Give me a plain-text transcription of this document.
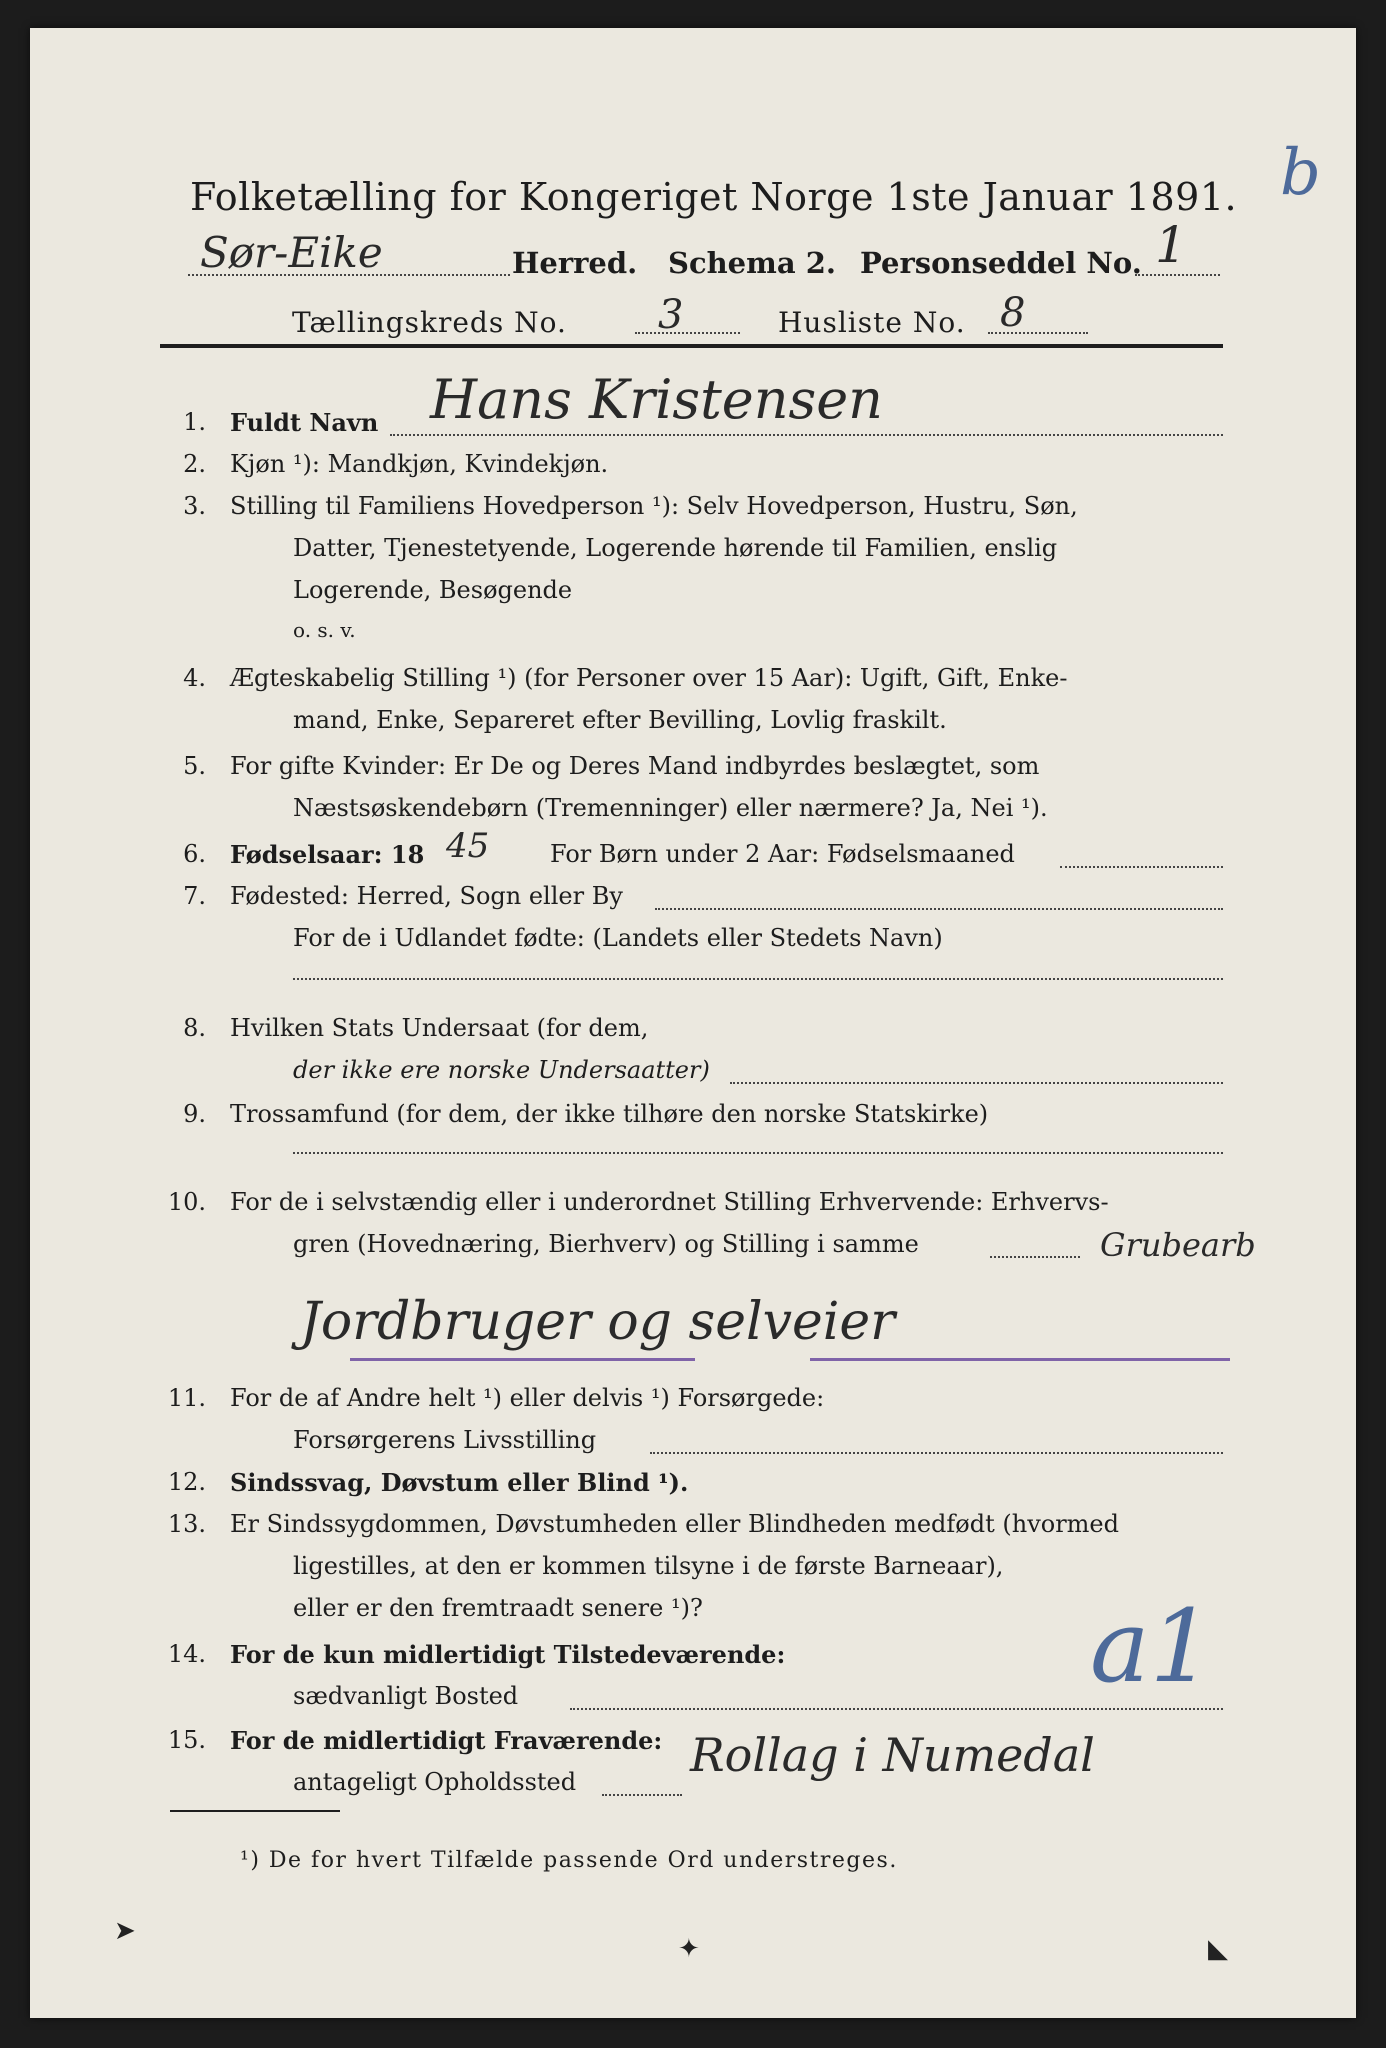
Folketælling for Kongeriget Norge 1ste Januar 1891. b
Sør-Eike	Herred. Schema 2. Personseddel No. 1
Tællingskreds No. 3	Husliste No. 8
1. Fuldt Navn Hans Kristensen
2. Kjøn ¹): Mandkjøn, Kvindekjøn.
3. Stilling til Familiens Hovedperson ¹): Selv Hovedperson, Hustru, Søn,
Datter, Tjenestetyende, Logerende hørende til Familien, enslig
Logerende, Besøgende
o. s. v.
4. Ægteskabelig Stilling ¹) (for Personer over 15 Aar): Ugift, Gift, Enke-
mand, Enke, Separeret efter Bevilling, Lovlig fraskilt.
5. For gifte Kvinder: Er De og Deres Mand indbyrdes beslægtet, som
Næstsøskendebørn (Tremenninger) eller nærmere? Ja, Nei ¹).
6. Fødselsaar: 18 45	For Børn under 2 Aar: Fødselsmaaned
7. Fødested: Herred, Sogn eller By
For de i Udlandet fødte: (Landets eller Stedets Navn)
8. Hvilken Stats Undersaat (for dem,
der ikke ere norske Undersaatter)
9. Trossamfund (for dem, der ikke tilhøre den norske Statskirke)
10. For de i selvstændig eller i underordnet Stilling Erhvervende: Erhvervs-
gren (Hovednæring, Bierhverv) og Stilling i samme	Grubearb
Jordbruger og selveier
11. For de af Andre helt ¹) eller delvis ¹) Forsørgede:
Forsørgerens Livsstilling
12. Sindssvag, Døvstum eller Blind ¹).
13. Er Sindssygdommen, Døvstumheden eller Blindheden medfødt (hvormed
ligestilles, at den er kommen tilsyne i de første Barneaar),
eller er den fremtraadt senere ¹)?
14. For de kun midlertidigt Tilstedeværende:
sædvanligt Bosted	a1
15. For de midlertidigt Fraværende:
antageligt Opholdssted Rollag i Numedal
¹) De for hvert Tilfælde passende Ord understreges.
➤
✦	◣
